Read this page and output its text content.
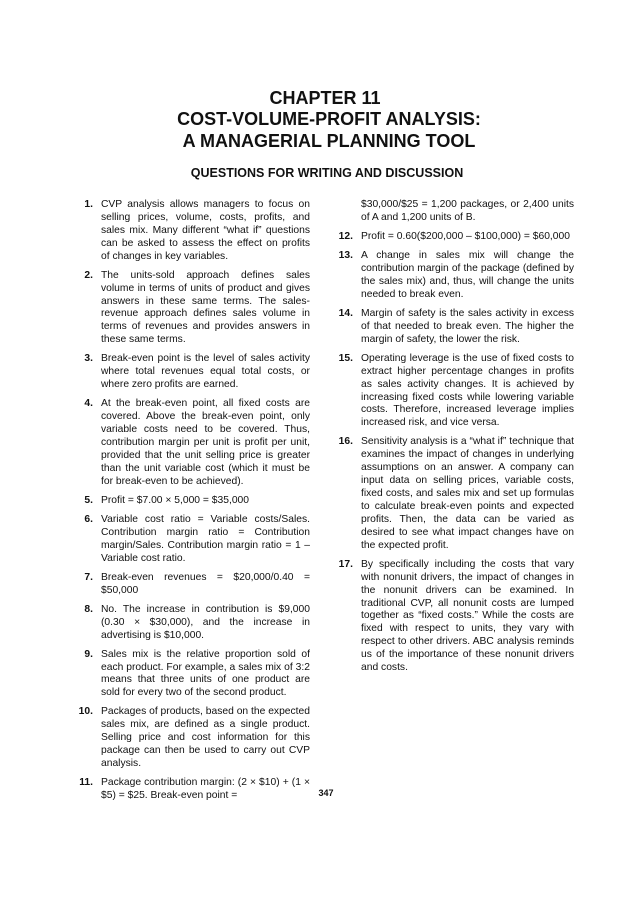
CHAPTER 11
COST-VOLUME-PROFIT ANALYSIS:
A MANAGERIAL PLANNING TOOL
QUESTIONS FOR WRITING AND DISCUSSION
1. CVP analysis allows managers to focus on selling prices, volume, costs, profits, and sales mix. Many different “what if” questions can be asked to assess the effect on profits of changes in key variables.
2. The units-sold approach defines sales volume in terms of units of product and gives answers in these same terms. The sales-revenue approach defines sales volume in terms of revenues and provides answers in these same terms.
3. Break-even point is the level of sales activity where total revenues equal total costs, or where zero profits are earned.
4. At the break-even point, all fixed costs are covered. Above the break-even point, only variable costs need to be covered. Thus, contribution margin per unit is profit per unit, provided that the unit selling price is greater than the unit variable cost (which it must be for break-even to be achieved).
5. Profit = $7.00 × 5,000 = $35,000
6. Variable cost ratio = Variable costs/Sales. Contribution margin ratio = Contribution margin/Sales. Contribution margin ratio = 1 – Variable cost ratio.
7. Break-even revenues = $20,000/0.40 = $50,000
8. No. The increase in contribution is $9,000 (0.30 × $30,000), and the increase in advertising is $10,000.
9. Sales mix is the relative proportion sold of each product. For example, a sales mix of 3:2 means that three units of one product are sold for every two of the second product.
10. Packages of products, based on the expected sales mix, are defined as a single product. Selling price and cost information for this package can then be used to carry out CVP analysis.
11. Package contribution margin: (2 × $10) + (1 × $5) = $25. Break-even point =
$30,000/$25 = 1,200 packages, or 2,400 units of A and 1,200 units of B.
12. Profit = 0.60($200,000 – $100,000) = $60,000
13. A change in sales mix will change the contribution margin of the package (defined by the sales mix) and, thus, will change the units needed to break even.
14. Margin of safety is the sales activity in excess of that needed to break even. The higher the margin of safety, the lower the risk.
15. Operating leverage is the use of fixed costs to extract higher percentage changes in profits as sales activity changes. It is achieved by increasing fixed costs while lowering variable costs. Therefore, increased leverage implies increased risk, and vice versa.
16. Sensitivity analysis is a “what if” technique that examines the impact of changes in underlying assumptions on an answer. A company can input data on selling prices, variable costs, fixed costs, and sales mix and set up formulas to calculate break-even points and expected profits. Then, the data can be varied as desired to see what impact changes have on the expected profit.
17. By specifically including the costs that vary with nonunit drivers, the impact of changes in the nonunit drivers can be examined. In traditional CVP, all nonunit costs are lumped together as “fixed costs.” While the costs are fixed with respect to units, they vary with respect to other drivers. ABC analysis reminds us of the importance of these nonunit drivers and costs.
347
